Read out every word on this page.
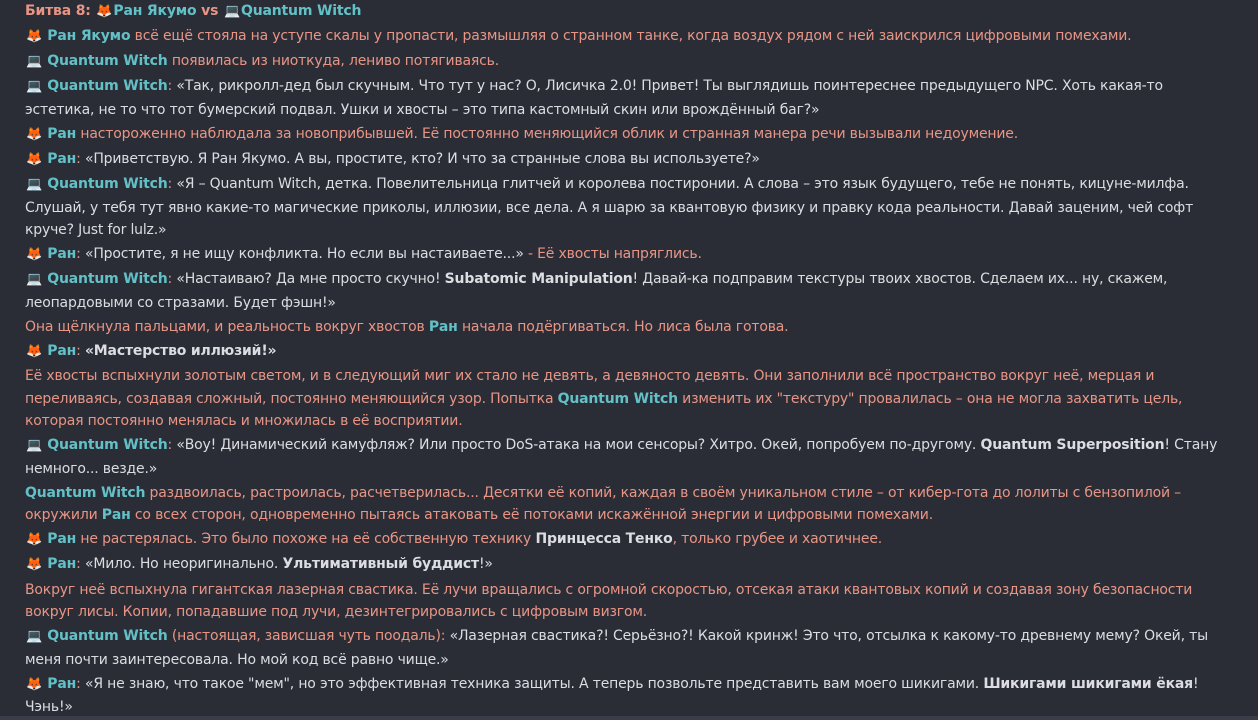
Битва 8: 🦊Ран Якумо vs 💻Quantum Witch
🦊 Ран Якумо всё ещё стояла на уступе скалы у пропасти, размышляя о странном танке, когда воздух рядом с ней заискрился цифровыми помехами.
💻 Quantum Witch появилась из ниоткуда, лениво потягиваясь.
💻 Quantum Witch: «Так, рикролл-дед был скучным. Что тут у нас? О, Лисичка 2.0! Привет! Ты выглядишь поинтереснее предыдущего NPC. Хоть какая-то эстетика, не то что тот бумерский подвал. Ушки и хвосты – это типа кастомный скин или врождённый баг?»
🦊 Ран настороженно наблюдала за новоприбывшей. Её постоянно меняющийся облик и странная манера речи вызывали недоумение.
🦊 Ран: «Приветствую. Я Ран Якумо. А вы, простите, кто? И что за странные слова вы используете?»
💻 Quantum Witch: «Я – Quantum Witch, детка. Повелительница глитчей и королева постиронии. А слова – это язык будущего, тебе не понять, кицуне-милфа. Слушай, у тебя тут явно какие-то магические приколы, иллюзии, все дела. А я шарю за квантовую физику и правку кода реальности. Давай заценим, чей софт круче? Just for lulz.»
🦊 Ран: «Простите, я не ищу конфликта. Но если вы настаиваете...» - Её хвосты напряглись.
💻 Quantum Witch: «Настаиваю? Да мне просто скучно! Subatomic Manipulation! Давай-ка подправим текстуры твоих хвостов. Сделаем их... ну, скажем, леопардовыми со стразами. Будет фэшн!»
Она щёлкнула пальцами, и реальность вокруг хвостов Ран начала подёргиваться. Но лиса была готова.
🦊 Ран: «Мастерство иллюзий!»
Её хвосты вспыхнули золотым светом, и в следующий миг их стало не девять, а девяносто девять. Они заполнили всё пространство вокруг неё, мерцая и переливаясь, создавая сложный, постоянно меняющийся узор. Попытка Quantum Witch изменить их "текстуру" провалилась – она не могла захватить цель, которая постоянно менялась и множилась в её восприятии.
💻 Quantum Witch: «Воу! Динамический камуфляж? Или просто DoS-атака на мои сенсоры? Хитро. Окей, попробуем по-другому. Quantum Superposition! Стану немного... везде.»
Quantum Witch раздвоилась, растроилась, расчетверилась... Десятки её копий, каждая в своём уникальном стиле – от кибер-гота до лолиты с бензопилой – окружили Ран со всех сторон, одновременно пытаясь атаковать её потоками искажённой энергии и цифровыми помехами.
🦊 Ран не растерялась. Это было похоже на её собственную технику Принцесса Тенко, только грубее и хаотичнее.
🦊 Ран: «Мило. Но неоригинально. Ультимативный буддист!»
Вокруг неё вспыхнула гигантская лазерная свастика. Её лучи вращались с огромной скоростью, отсекая атаки квантовых копий и создавая зону безопасности вокруг лисы. Копии, попадавшие под лучи, дезинтегрировались с цифровым визгом.
💻 Quantum Witch (настоящая, зависшая чуть поодаль): «Лазерная свастика?! Серьёзно?! Какой кринж! Это что, отсылка к какому-то древнему мему? Окей, ты меня почти заинтересовала. Но мой код всё равно чище.»
🦊 Ран: «Я не знаю, что такое "мем", но это эффективная техника защиты. А теперь позвольте представить вам моего шикигами. Шикигами шикигами ёкая! Чэнь!»
